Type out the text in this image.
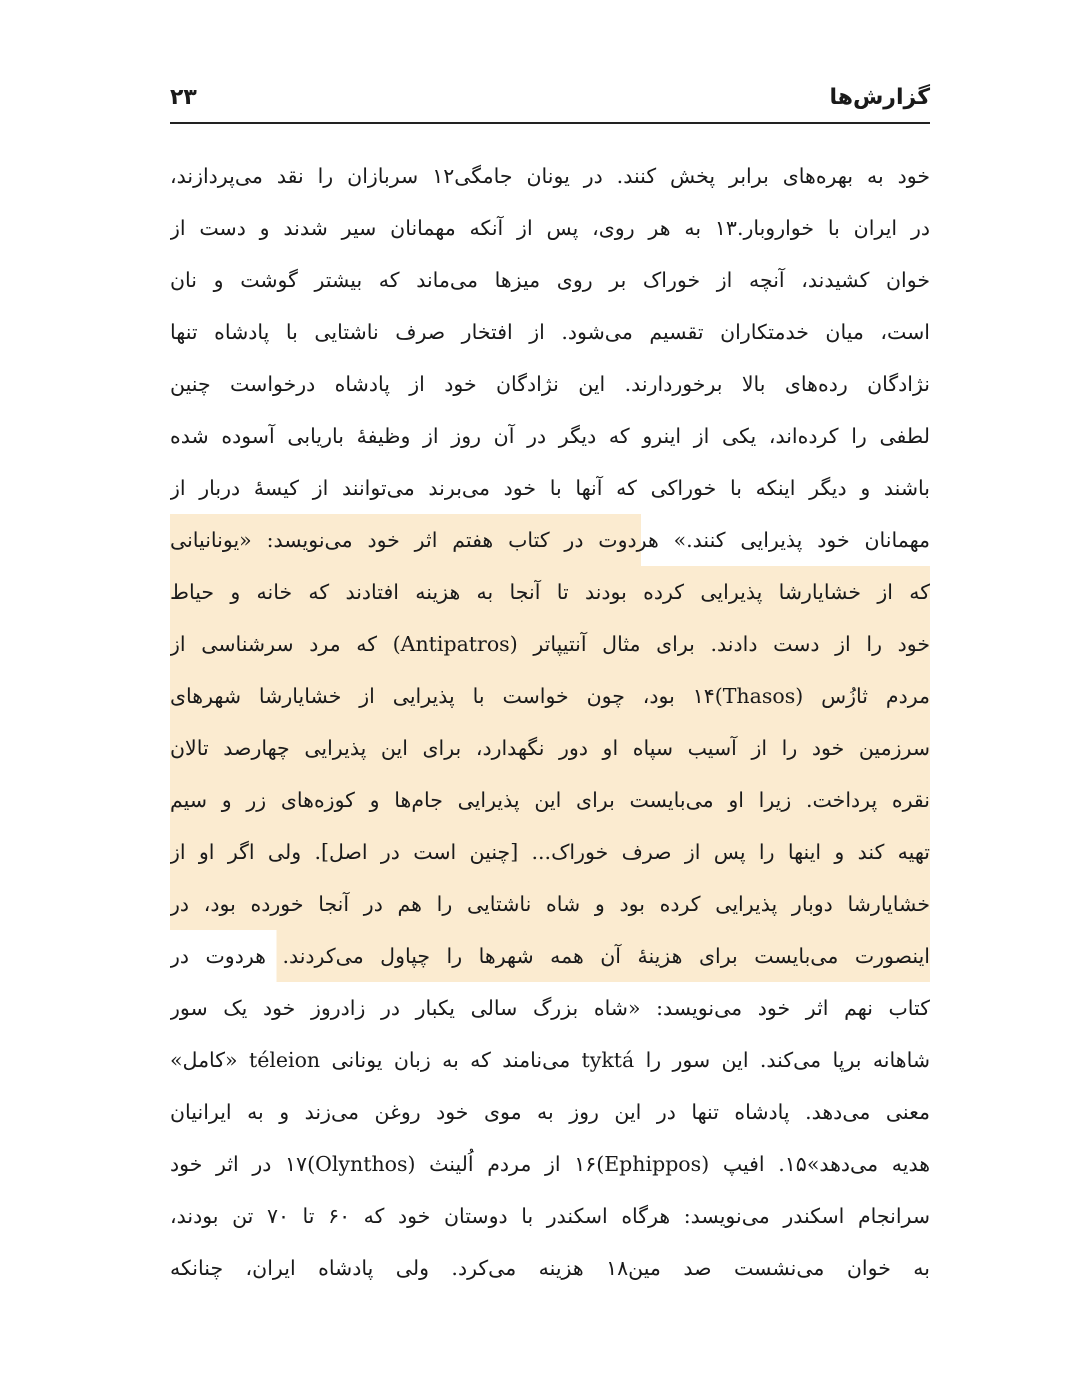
گزارش‌ها
۲۳
خود به بهره‌های برابر پخش کنند. در یونان جامگی۱۲ سربازان را نقد می‌پردازند،
در ایران با خواروبار.۱۳ به هر روی، پس از آنکه مهمانان سیر شدند و دست از
خوان کشیدند، آنچه از خوراک بر روی میزها می‌ماند که بیشتر گوشت و نان
است، میان خدمتکاران تقسیم می‌شود. از افتخار صرف ناشتایی با پادشاه تنها
نژادگان رده‌های بالا برخوردارند. این نژادگان خود از پادشاه درخواست چنین
لطفی را کرده‌اند، یکی از اینرو که دیگر در آن روز از وظیفهٔ باریابی آسوده شده
باشند و دیگر اینکه با خوراکی که آنها با خود می‌برند می‌توانند از کیسهٔ دربار از
مهمانان خود پذیرایی کنند.» هردوت در کتاب هفتم اثر خود می‌نویسد: «یونانیانی
که از خشایارشا پذیرایی کرده بودند تا آنجا به هزینه افتادند که خانه و حیاط
خود را از دست دادند. برای مثال آنتیپاتر (Antipatros) که مرد سرشناسی از
مردم ثازُس (Thasos)۱۴ بود، چون خواست با پذیرایی از خشایارشا شهرهای
سرزمین خود را از آسیب سپاه او دور نگهدارد، برای این پذیرایی چهارصد تالان
نقره پرداخت. زیرا او می‌بایست برای این پذیرایی جام‌ها و کوزه‌های زر و سیم
تهیه کند و اینها را پس از صرف خوراک... [چنین است در اصل]. ولی اگر او از
خشایارشا دوبار پذیرایی کرده بود و شاه ناشتایی را هم در آنجا خورده بود، در
اینصورت می‌بایست برای هزینهٔ آن همه شهرها را چپاول می‌کردند. هردوت در
کتاب نهم اثر خود می‌نویسد: «شاه بزرگ سالی یکبار در زادروز خود یک سور
شاهانه برپا می‌کند. این سور را tyktá می‌نامند که به زبان یونانی téleion «کامل»
معنی می‌دهد. پادشاه تنها در این روز به موی خود روغن می‌زند و به ایرانیان
هدیه می‌دهد»۱۵. افیپ (Ephippos)۱۶ از مردم اُلینث (Olynthos)۱۷ در اثر خود
سرانجام اسکندر می‌نویسد: هرگاه اسکندر با دوستان خود که ۶۰ تا ۷۰ تن بودند،
به خوان می‌نشست صد مین۱۸ هزینه می‌کرد. ولی پادشاه ایران، چنانکه
